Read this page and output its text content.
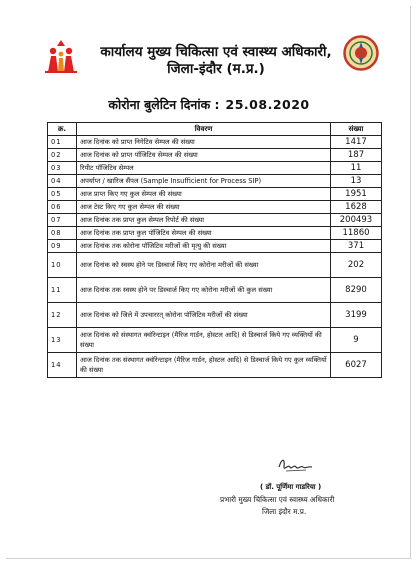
कार्यालय मुख्य चिकित्सा एवं स्वास्थ्य अधिकारी,
जिला-इंदौर (म.प्र.)
कोरोना बुलेटिन दिनांक : 25.08.2020
क्र.	विवरण	संख्या
01	आज दिनांक को प्राप्त निगेटिव सेम्पल की संख्या	1417
02	आज दिनांक को प्राप्त पॉजिटिव सेम्पल की संख्या	187
03	रिपीट पॉजिटिव सेम्पल	11
04	अपर्याप्त / खारिज सैंपल (Sample Insufficient for Process SIP)	13
05	आज प्राप्त किए गए कुल सेम्पल की संख्या	1951
06	आज टेस्ट किए गए कुल सेम्पल की संख्या	1628
07	आज दिनांक तक प्राप्त कुल सेम्पल रिपोर्ट की संख्या	200493
08	आज दिनांक तक प्राप्त कुल पॉजिटिव सेम्पल की संख्या	11860
09	आज दिनांक तक कोरोना पॉजिटिव मरीजों की मृत्यु की संख्या	371
10	आज दिनांक को स्वस्थ होने पर डिस्चार्ज किए गए कोरोना मरीजों की संख्या	202
11	आज दिनांक तक स्वस्थ होने पर डिस्चार्ज किए गए कोरोना मरीजों की कुल संख्या	8290
12	आज दिनांक को जिले में उपचाररत् कोरोना पॉजिटिव मरीजों की संख्या	3199
13	आज दिनांक को संस्थागत क्वॉरेन्टाइन (मैरिज गार्डन, होस्टल आदि) से डिस्चार्ज किये गए व्यक्तियों की संख्या	9
14	आज दिनांक तक संस्थागत क्वॉरेन्टाइन (मैरिज गार्डन, होस्टल आदि) से डिस्चार्ज किये गए कुल व्यक्तियों की संख्या	6027
( डॉ. पूर्णिमा गाडरिया )
प्रभारी मुख्य चिकित्सा एवं स्वास्थ्य अधिकारी
जिला इंदौर म.प्र.
